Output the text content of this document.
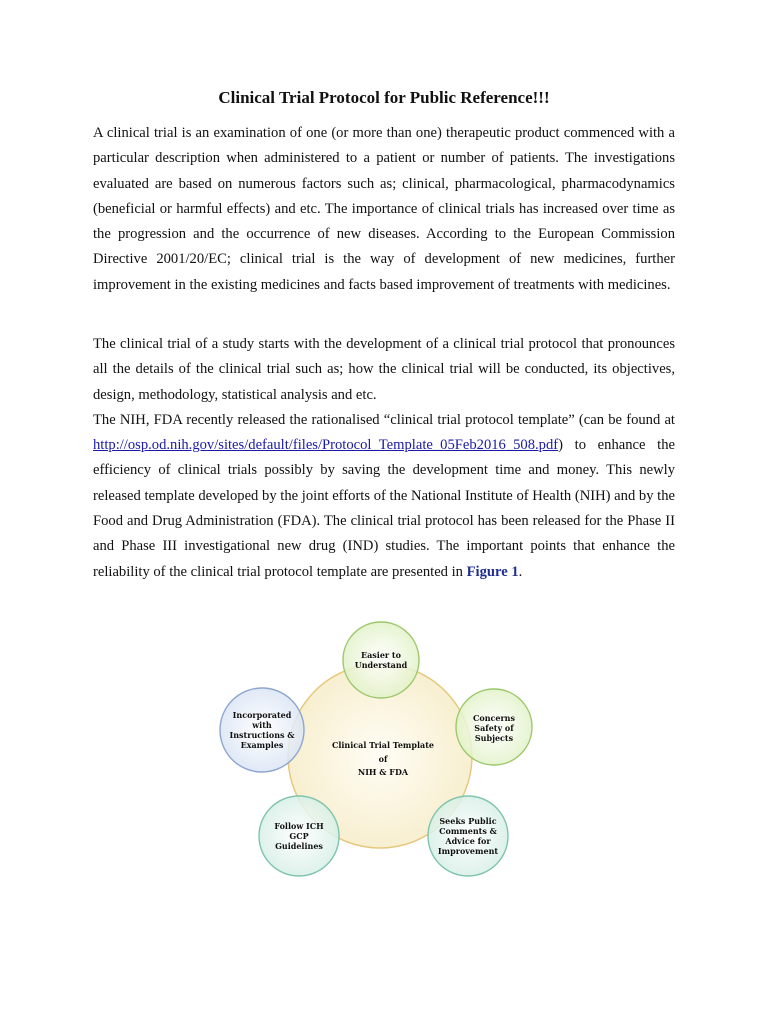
Clinical Trial Protocol for Public Reference!!!

A clinical trial is an examination of one (or more than one) therapeutic product commenced with a particular description when administered to a patient or number of patients. The investigations evaluated are based on numerous factors such as; clinical, pharmacological, pharmacodynamics (beneficial or harmful effects) and etc. The importance of clinical trials has increased over time as the progression and the occurrence of new diseases. According to the European Commission Directive 2001/20/EC; clinical trial is the way of development of new medicines, further improvement in the existing medicines and facts based improvement of treatments with medicines.

The clinical trial of a study starts with the development of a clinical trial protocol that pronounces all the details of the clinical trial such as; how the clinical trial will be conducted, its objectives, design, methodology, statistical analysis and etc.
The NIH, FDA recently released the rationalised “clinical trial protocol template” (can be found at http://osp.od.nih.gov/sites/default/files/Protocol_Template_05Feb2016_508.pdf) to enhance the efficiency of clinical trials possibly by saving the development time and money. This newly released template developed by the joint efforts of the National Institute of Health (NIH) and by the Food and Drug Administration (FDA). The clinical trial protocol has been released for the Phase II and Phase III investigational new drug (IND) studies. The important points that enhance the reliability of the clinical trial protocol template are presented in Figure 1.
Clinical Trial Template
of
NIH & FDA
Easier to
Understand
Concerns
Safety of
Subjects
Seeks Public
Comments &
Advice for
Improvement
Follow ICH
GCP
Guidelines
Incorporated
with
Instructions &
Examples
